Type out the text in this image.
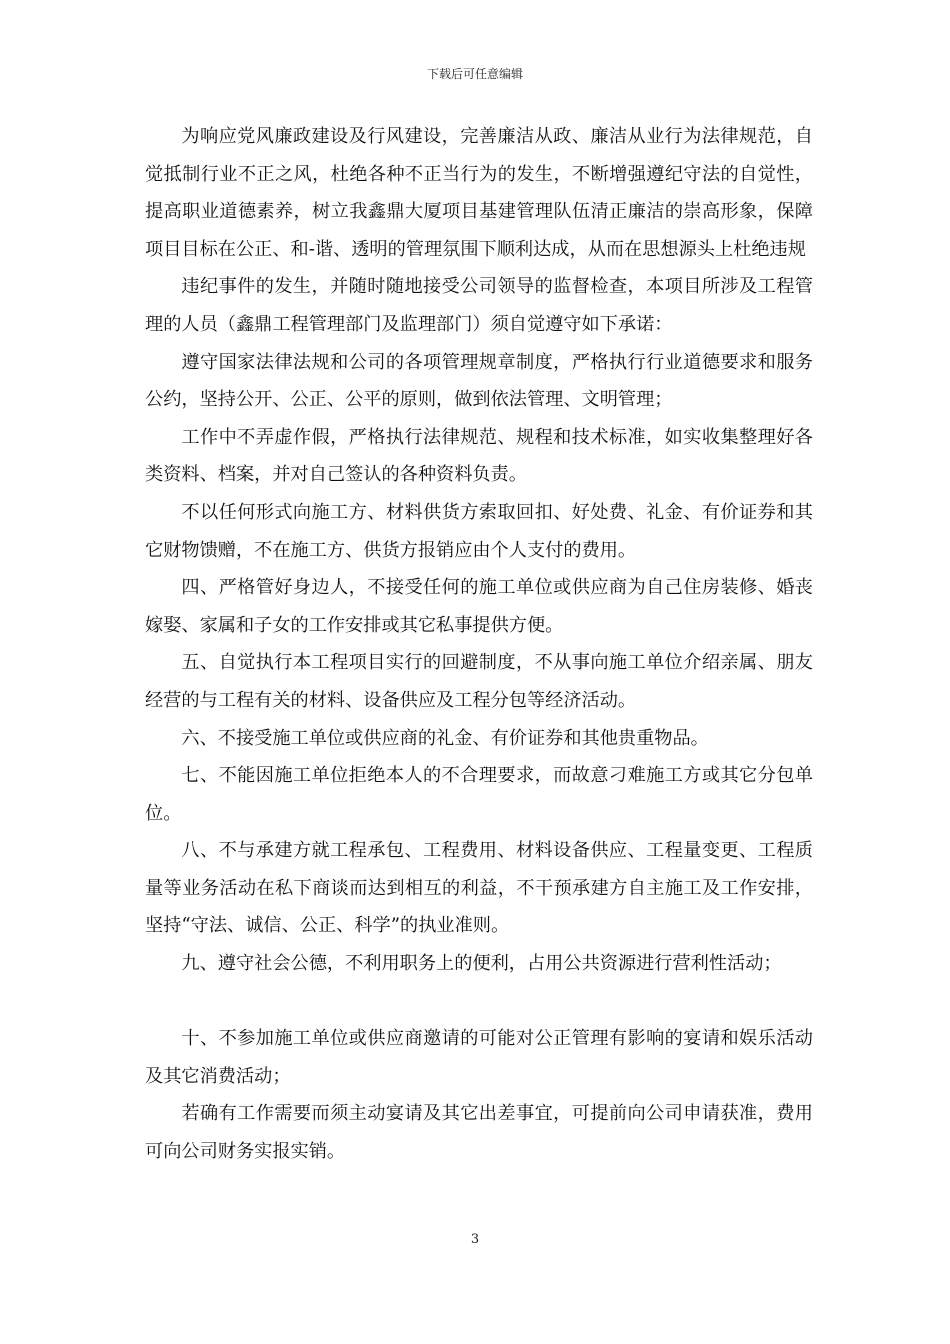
下载后可任意编辑

为响应党风廉政建设及行风建设，完善廉洁从政、廉洁从业行为法律规范，自觉抵制行业不正之风，杜绝各种不正当行为的发生，不断增强遵纪守法的自觉性，提高职业道德素养，树立我鑫鼎大厦项目基建管理队伍清正廉洁的崇高形象，保障项目目标在公正、和-谐、透明的管理氛围下顺利达成，从而在思想源头上杜绝违规

违纪事件的发生，并随时随地接受公司领导的监督检查，本项目所涉及工程管理的人员（鑫鼎工程管理部门及监理部门）须自觉遵守如下承诺：

遵守国家法律法规和公司的各项管理规章制度，严格执行行业道德要求和服务公约，坚持公开、公正、公平的原则，做到依法管理、文明管理；

工作中不弄虚作假，严格执行法律规范、规程和技术标准，如实收集整理好各类资料、档案，并对自己签认的各种资料负责。

不以任何形式向施工方、材料供货方索取回扣、好处费、礼金、有价证券和其它财物馈赠，不在施工方、供货方报销应由个人支付的费用。

四、严格管好身边人，不接受任何的施工单位或供应商为自己住房装修、婚丧嫁娶、家属和子女的工作安排或其它私事提供方便。

五、自觉执行本工程项目实行的回避制度，不从事向施工单位介绍亲属、朋友经营的与工程有关的材料、设备供应及工程分包等经济活动。

六、不接受施工单位或供应商的礼金、有价证券和其他贵重物品。

七、不能因施工单位拒绝本人的不合理要求，而故意刁难施工方或其它分包单位。

八、不与承建方就工程承包、工程费用、材料设备供应、工程量变更、工程质量等业务活动在私下商谈而达到相互的利益，不干预承建方自主施工及工作安排，坚持“守法、诚信、公正、科学”的执业准则。

九、遵守社会公德，不利用职务上的便利，占用公共资源进行营利性活动；

十、不参加施工单位或供应商邀请的可能对公正管理有影响的宴请和娱乐活动及其它消费活动；

若确有工作需要而须主动宴请及其它出差事宜，可提前向公司申请获准，费用可向公司财务实报实销。

3
